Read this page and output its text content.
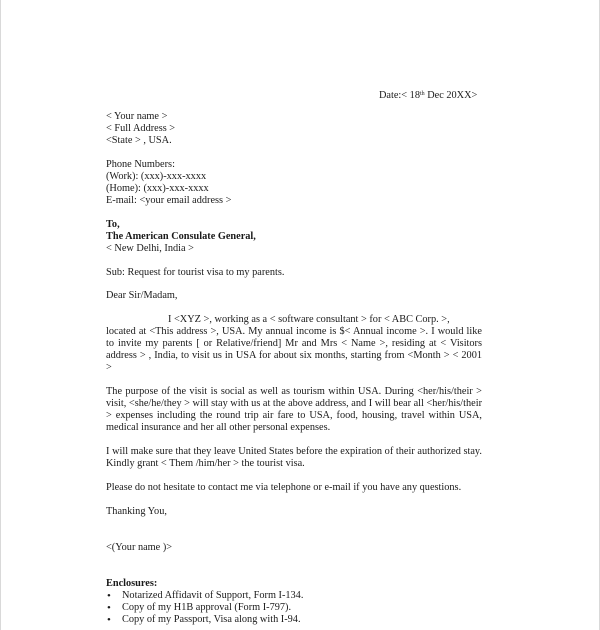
Date:< 18th Dec 20XX>
< Your name >
< Full Address >
<State > , USA.
Phone Numbers:
(Work): (xxx)-xxx-xxxx
(Home): (xxx)-xxx-xxxx
E-mail: <your email address >
To,
The American Consulate General,
< New Delhi, India >
Sub: Request for tourist visa to my parents.
Dear Sir/Madam,
I <XYZ >, working as a < software consultant > for < ABC Corp. >,
located at <This address >, USA. My annual income is $< Annual income >. I would like to invite my parents [ or Relative/friend] Mr and Mrs < Name >, residing at < Visitors address > , India, to visit us in USA for about six months, starting from <Month > < 2001 >
The purpose of the visit is social as well as tourism within USA. During <her/his/their > visit, <she/he/they > will stay with us at the above address, and I will bear all <her/his/their > expenses including the round trip air fare to USA, food, housing, travel within USA, medical insurance and her all other personal expenses.
I will make sure that they leave United States before the expiration of their authorized stay. Kindly grant < Them /him/her > the tourist visa.
Please do not hesitate to contact me via telephone or e-mail if you have any questions.
Thanking You,
<(Your name )>
Enclosures:
• Notarized Affidavit of Support, Form I-134.
• Copy of my H1B approval (Form I-797).
• Copy of my Passport, Visa along with I-94.
